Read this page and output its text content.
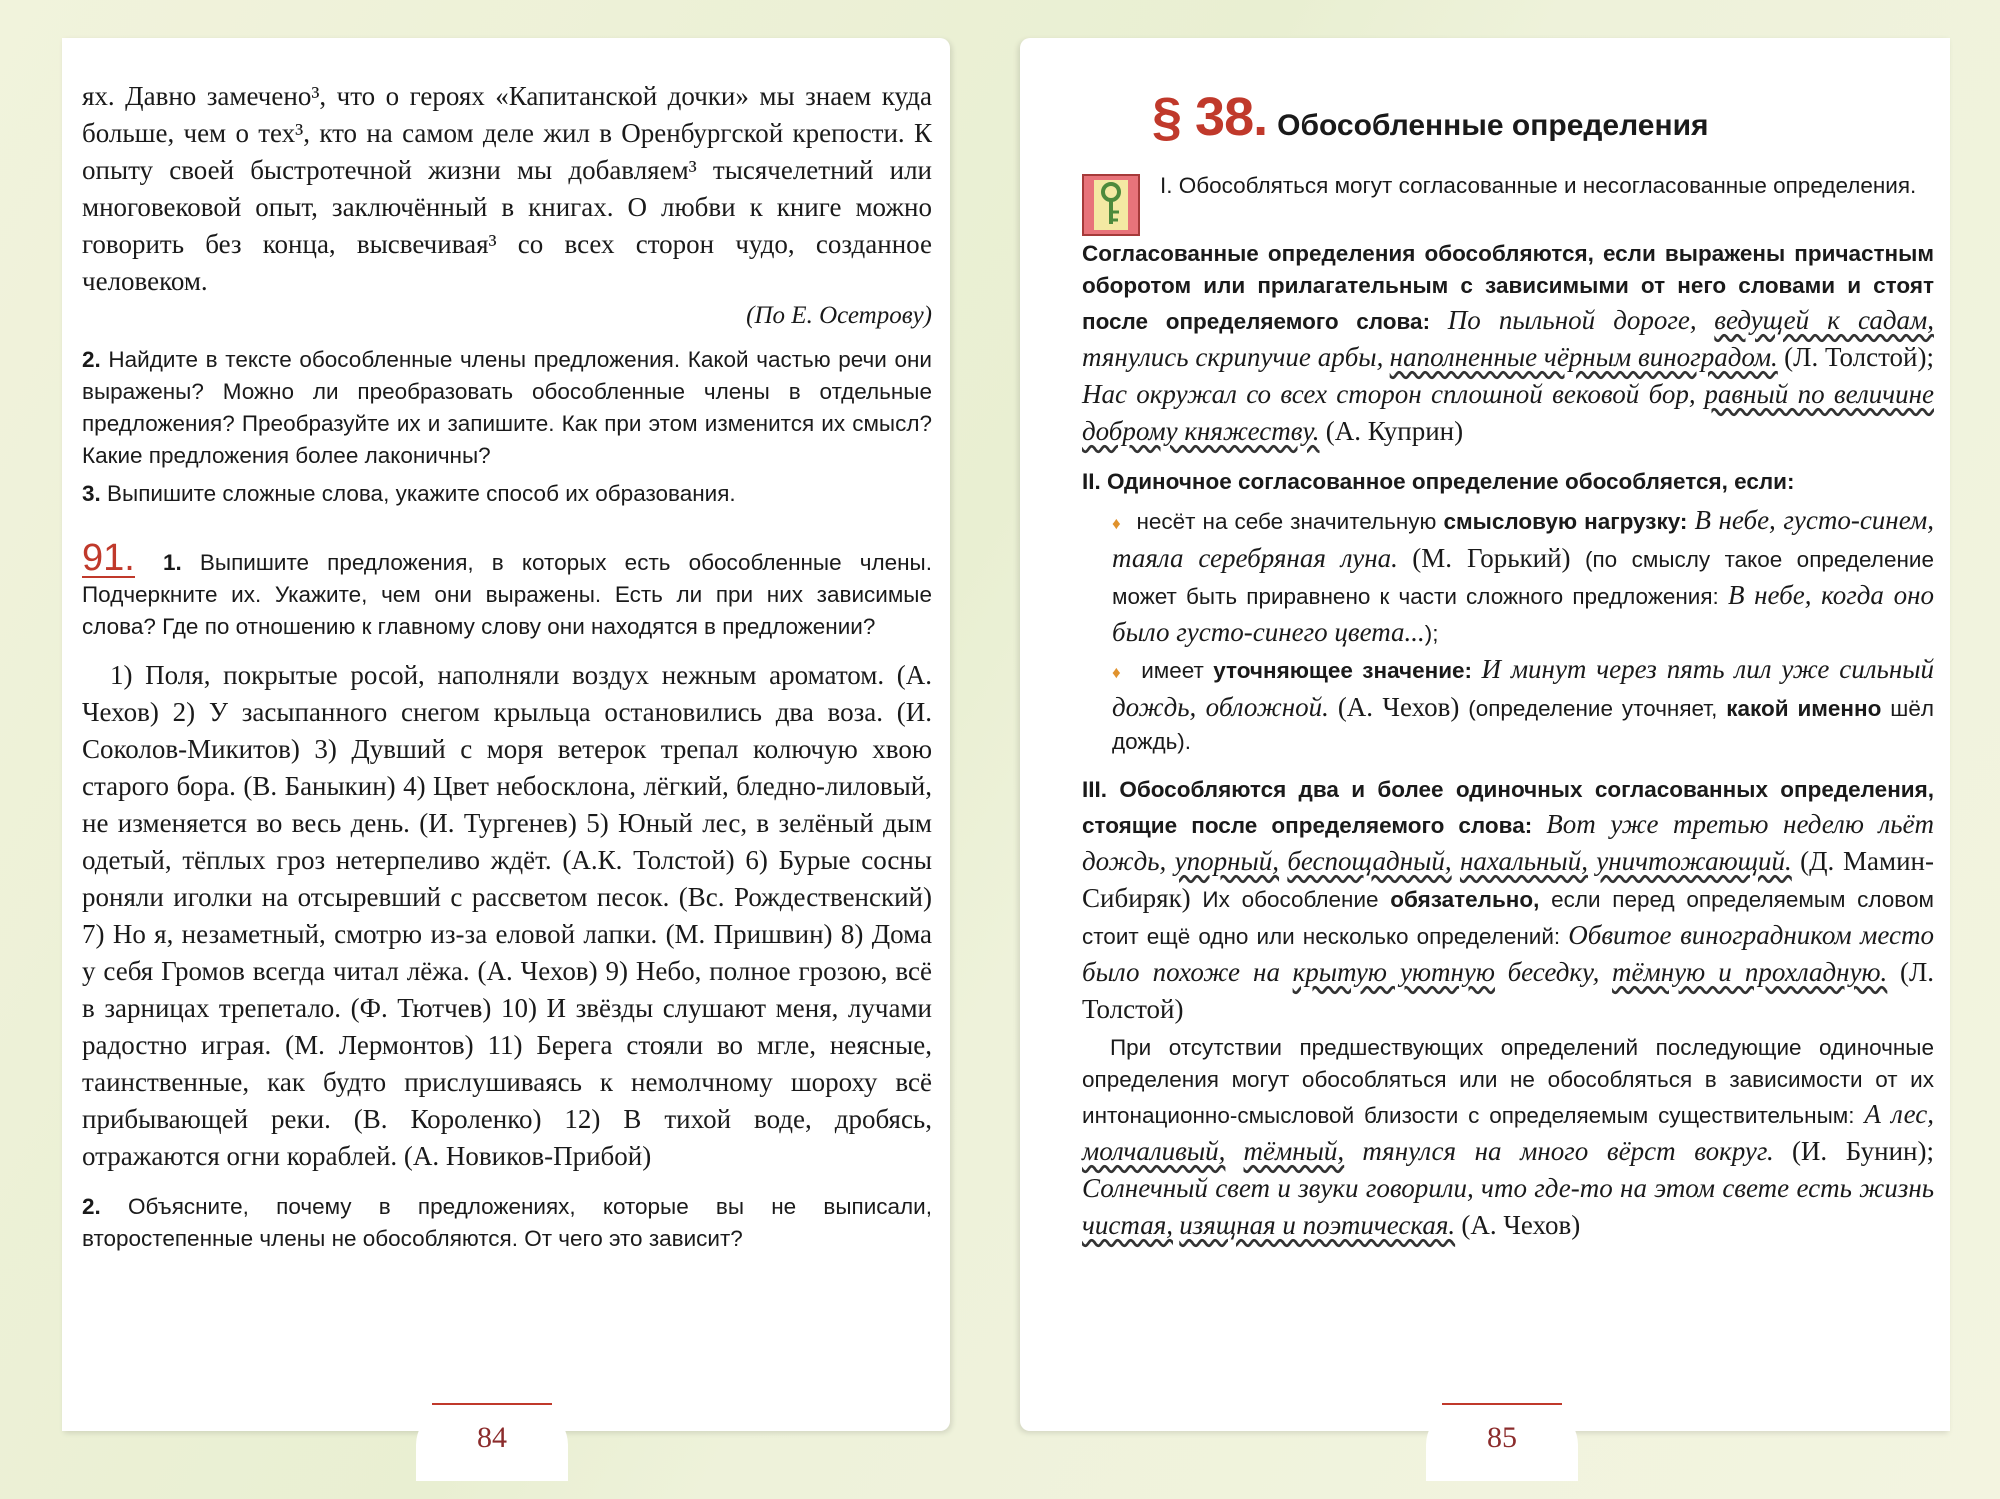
ях. Давно замечено³, что о героях «Капитанской дочки» мы знаем куда больше, чем о тех³, кто на самом деле жил в Оренбургской крепости. К опыту своей быстротечной жизни мы добавляем³ тысячелетний или многовековой опыт, заключённый в книгах. О любви к книге можно говорить без конца, высвечивая³ со всех сторон чудо, созданное человеком.

(По Е. Осетрову)

2. Найдите в тексте обособленные члены предложения. Какой частью речи они выражены? Можно ли преобразовать обособленные члены в отдельные предложения? Преобразуйте их и запишите. Как при этом изменится их смысл? Какие предложения более лаконичны?

3. Выпишите сложные слова, укажите способ их образования.

91. 1. Выпишите предложения, в которых есть обособленные члены. Подчеркните их. Укажите, чем они выражены. Есть ли при них зависимые слова? Где по отношению к главному слову они находятся в предложении?

1) Поля, покрытые росой, наполняли воздух нежным ароматом. (А. Чехов) 2) У засыпанного снегом крыльца остановились два воза. (И. Соколов-Микитов) 3) Дувший с моря ветерок трепал колючую хвою старого бора. (В. Баныкин) 4) Цвет небосклона, лёгкий, бледно-лиловый, не изменяется во весь день. (И. Тургенев) 5) Юный лес, в зелёный дым одетый, тёплых гроз нетерпеливо ждёт. (А.К. Толстой) 6) Бурые сосны роняли иголки на отсыревший с рассветом песок. (Вс. Рождественский) 7) Но я, незаметный, смотрю из-за еловой лапки. (М. Пришвин) 8) Дома у себя Громов всегда читал лёжа. (А. Чехов) 9) Небо, полное грозою, всё в зарницах трепетало. (Ф. Тютчев) 10) И звёзды слушают меня, лучами радостно играя. (М. Лермонтов) 11) Берега стояли во мгле, неясные, таинственные, как будто прислушиваясь к немолчному шороху всё прибывающей реки. (В. Короленко) 12) В тихой воде, дробясь, отражаются огни кораблей. (А. Новиков-Прибой)

2. Объясните, почему в предложениях, которые вы не выписали, второстепенные члены не обособляются. От чего это зависит?

84
§ 38. Обособленные определения

I. Обособляться могут согласованные и несогласованные определения.

Согласованные определения обособляются, если выражены причастным оборотом или прилагательным с зависимыми от него словами и стоят после определяемого слова: По пыльной дороге, ведущей к садам, тянулись скрипучие арбы, наполненные чёрным виноградом. (Л. Толстой); Нас окружал со всех сторон сплошной вековой бор, равный по величине доброму княжеству. (А. Куприн)

II. Одиночное согласованное определение обособляется, если:

♦ несёт на себе значительную смысловую нагрузку: В небе, густо-синем, таяла серебряная луна. (М. Горький) (по смыслу такое определение может быть приравнено к части сложного предложения: В небе, когда оно было густо-синего цвета...);

♦ имеет уточняющее значение: И минут через пять лил уже сильный дождь, обложной. (А. Чехов) (определение уточняет, какой именно шёл дождь).

III. Обособляются два и более одиночных согласованных определения, стоящие после определяемого слова: Вот уже третью неделю льёт дождь, упорный, беспощадный, нахальный, уничтожающий. (Д. Мамин-Сибиряк) Их обособление обязательно, если перед определяемым словом стоит ещё одно или несколько определений: Обвитое виноградником место было похоже на крытую уютную беседку, тёмную и прохладную. (Л. Толстой)

При отсутствии предшествующих определений последующие одиночные определения могут обособляться или не обособляться в зависимости от их интонационно-смысловой близости с определяемым существительным: А лес, молчаливый, тёмный, тянулся на много вёрст вокруг. (И. Бунин); Солнечный свет и звуки говорили, что где-то на этом свете есть жизнь чистая, изящная и поэтическая. (А. Чехов)

85
